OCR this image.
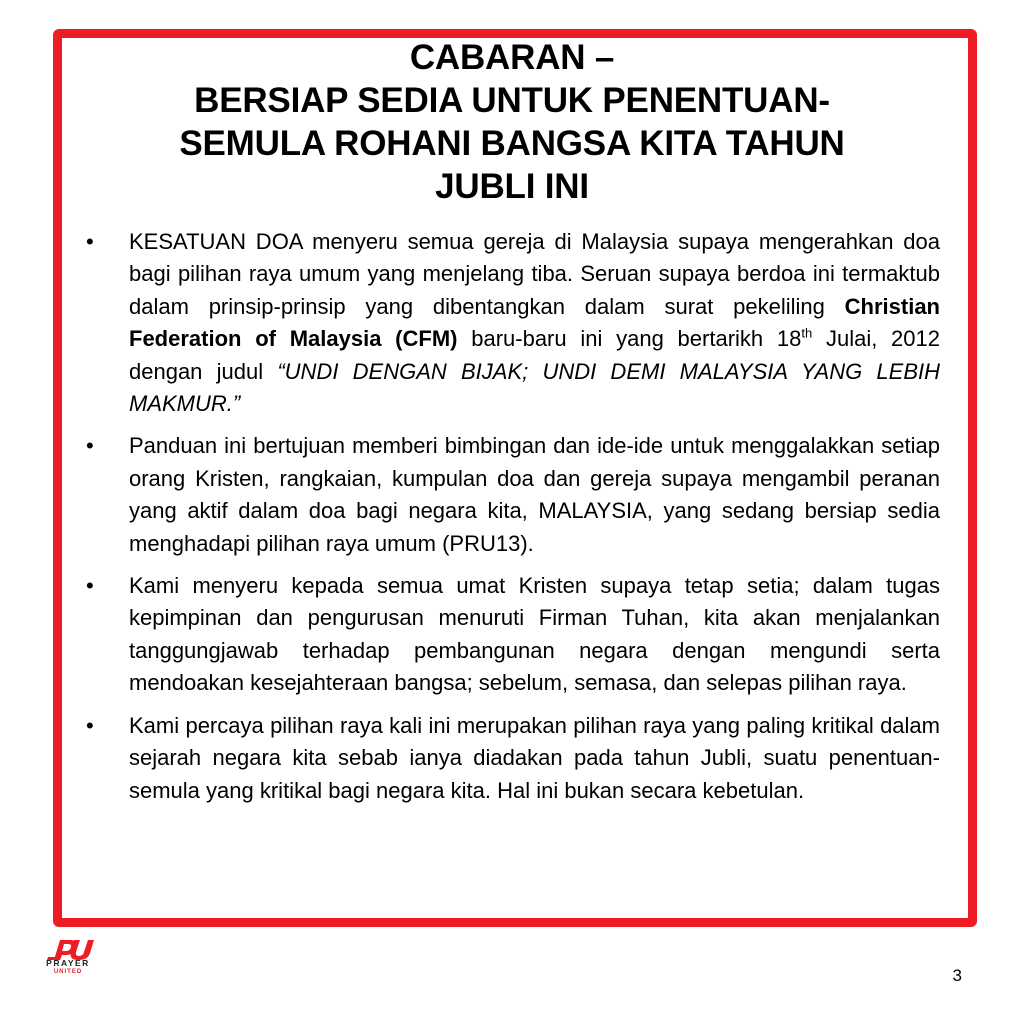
CABARAN –
BERSIAP SEDIA UNTUK PENENTUAN-
SEMULA ROHANI BANGSA KITA TAHUN
JUBLI INI
• KESATUAN DOA menyeru semua gereja di Malaysia supaya mengerahkan doa bagi pilihan raya umum yang menjelang tiba. Seruan supaya berdoa ini termaktub dalam prinsip-prinsip yang dibentangkan dalam surat pekeliling Christian Federation of Malaysia (CFM) baru-baru ini yang bertarikh 18th Julai, 2012 dengan judul “UNDI DENGAN BIJAK; UNDI DEMI MALAYSIA YANG LEBIH MAKMUR.”
• Panduan ini bertujuan memberi bimbingan dan ide-ide untuk menggalakkan setiap orang Kristen, rangkaian, kumpulan doa dan gereja supaya mengambil peranan yang aktif dalam doa bagi negara kita, MALAYSIA, yang sedang bersiap sedia menghadapi pilihan raya umum (PRU13).
• Kami menyeru kepada semua umat Kristen supaya tetap setia; dalam tugas kepimpinan dan pengurusan menuruti Firman Tuhan, kita akan menjalankan tanggungjawab terhadap pembangunan negara dengan mengundi serta mendoakan kesejahteraan bangsa; sebelum, semasa, dan selepas pilihan raya.
• Kami percaya pilihan raya kali ini merupakan pilihan raya yang paling kritikal dalam sejarah negara kita sebab ianya diadakan pada tahun Jubli, suatu penentuan-semula yang kritikal bagi negara kita. Hal ini bukan secara kebetulan.
PRAYER
UNITED	3
